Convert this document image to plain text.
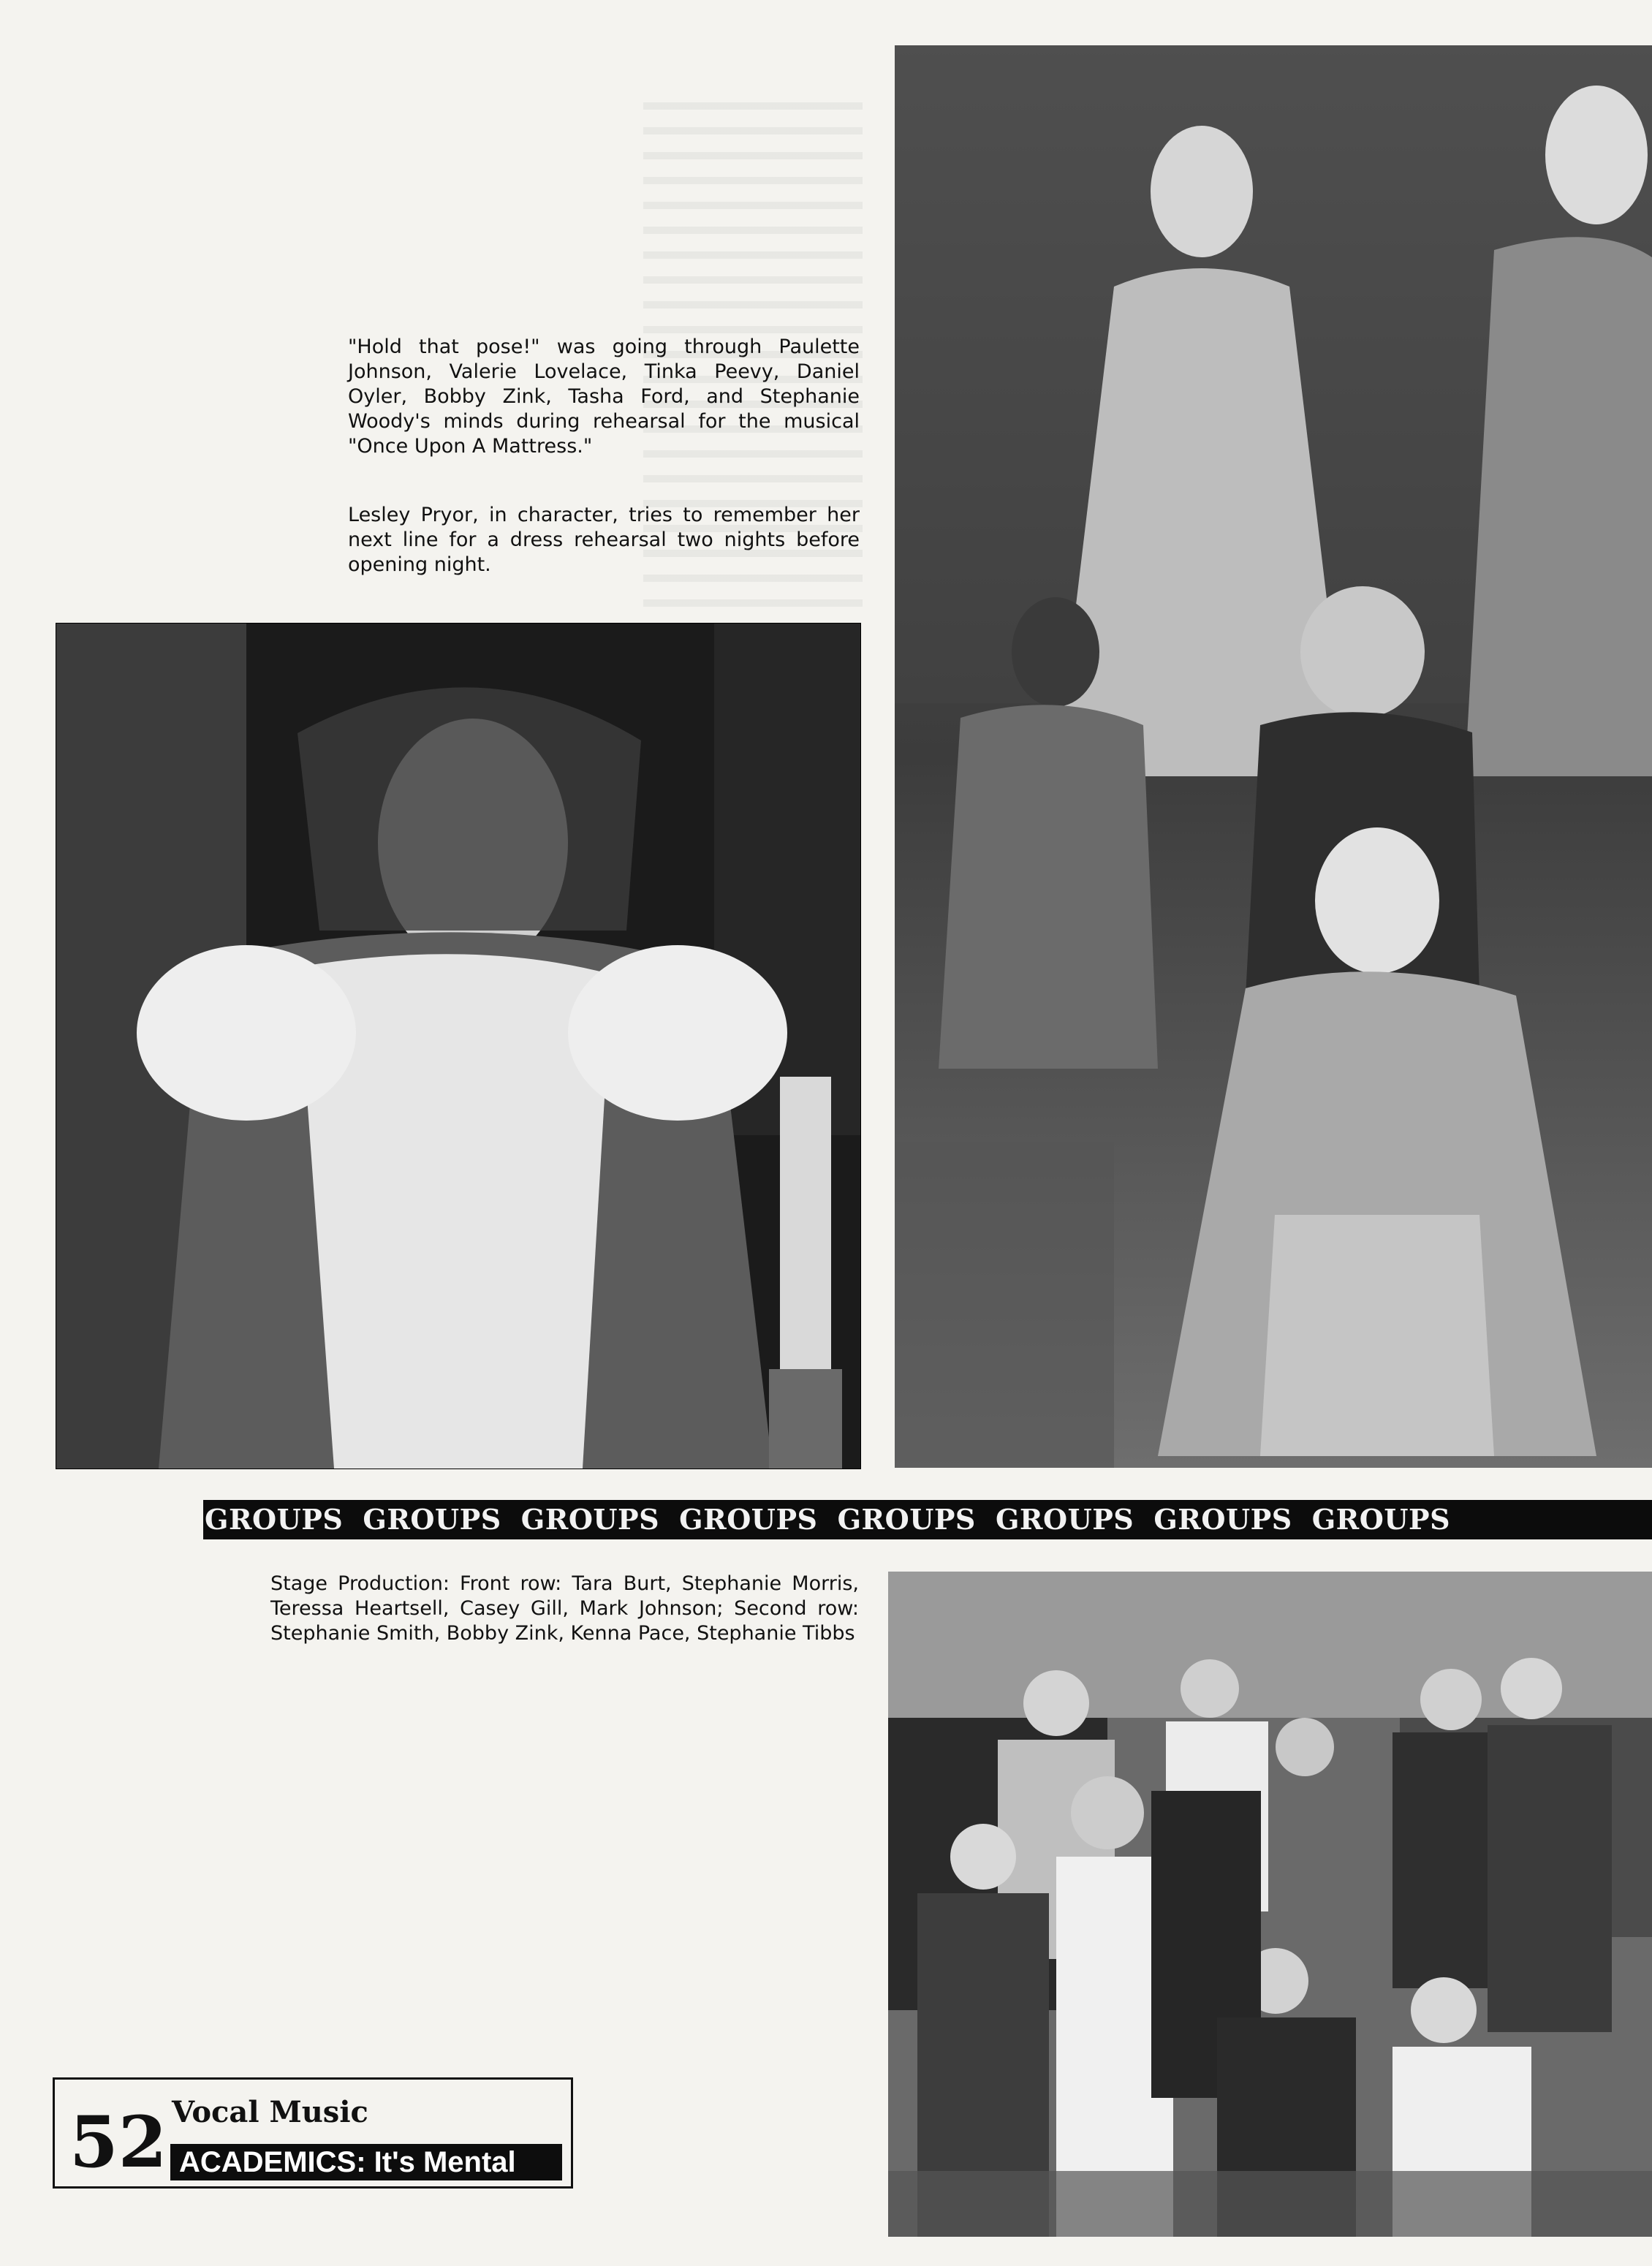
"Hold that pose!" was going through Paulette Johnson, Valerie Lovelace, Tinka Peevy, Daniel Oyler, Bobby Zink, Tasha Ford, and Stephanie Woody's minds during rehearsal for the musical "Once Upon A Mattress."

Lesley Pryor, in character, tries to remember her next line for a dress rehearsal two nights before opening night.

GROUPS GROUPS GROUPS GROUPS GROUPS GROUPS GROUPS GROUPS

Stage Production: Front row: Tara Burt, Stephanie Morris, Teressa Heartsell, Casey Gill, Mark Johnson; Second row: Stephanie Smith, Bobby Zink, Kenna Pace, Stephanie Tibbs

52 Vocal Music
ACADEMICS: It's Mental
